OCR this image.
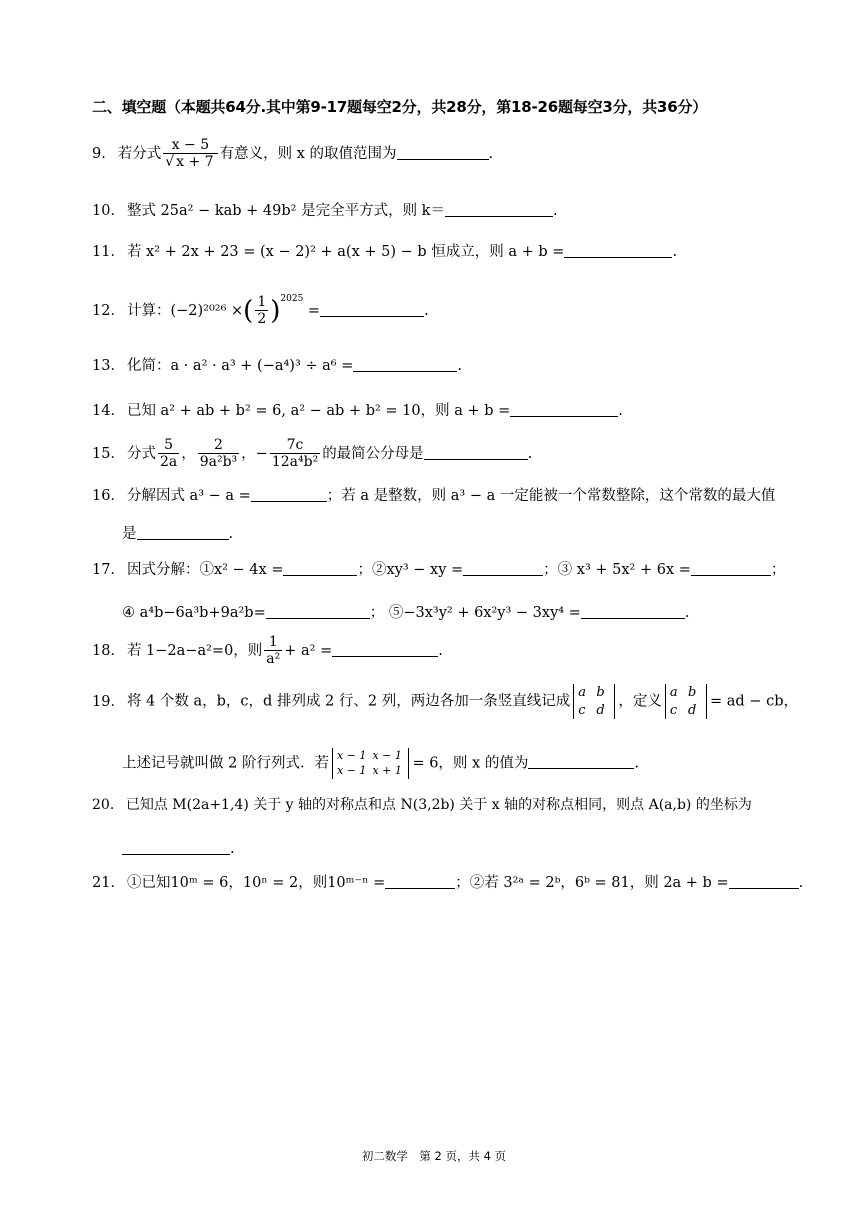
二、填空题（本题共64分.其中第9-17题每空2分，共28分，第18-26题每空3分，共36分）
9． 若分式 $\frac{x - 5}{√ x + 7}$ 有意义，则 x 的取值范围为	.
10． 整式 25a² − kab + 49b² 是完全平方式，则 k＝	.
11． 若 x² + 2x + 23 = (x − 2)² + a(x + 5) − b 恒成立，则 a + b =	.
12． 计算：(−2)²⁰²⁶ ×( $\frac{1}{2} )^{2025}$ =	.
13． 化简：a · a² · a³ + (−a⁴)³ ÷ a⁶ =	.
14． 已知 a² + ab + b² = 6, a² − ab + b² = 10，则 a + b =	.
15． 分式 $\frac{5}{2a}$ ， $\frac{2}{\text{9a²b³}}$ ，− $\frac{7c}{\text{12a⁴b²}}$ 的最简公分母是	.
16． 分解因式 a³ − a =	；若 a 是整数，则 a³ − a 一定能被一个常数整除，这个常数的最大值
是	.
17． 因式分解：①x² − 4x =	；②xy³ − xy =	；③ x³ + 5x² + 6x =	；
④ a⁴b−6a³b+9a²b=	； ⑤−3x³y² + 6x²y³ − 3xy⁴ =	.
18． 若 1−2a−a²=0，则 $\frac{1}{\text{a²}} + a^2$ =	.
19． 将 4 个数 a，b，c，d 排列成 2 行、2 列，两边各加一条竖直线记成a b
c d，定义a b
c d= ad − cb，
上述记号就叫做 2 阶行列式．若 x − 1 x − 1
x − 1 x + 1 = 6，则 x 的值为	.
20． 已知点 M(2a+1,4) 关于 y 轴的对称点和点 N(3,2b) 关于 x 轴的对称点相同，则点 A(a,b) 的坐标为
.
21． ①已知10ᵐ = 6，10ⁿ = 2，则10ᵐ⁻ⁿ =	；②若 3²ᵃ = 2ᵇ，6ᵇ = 81，则 2a + b =	.
初二数学　第 2 页，共 4 页
